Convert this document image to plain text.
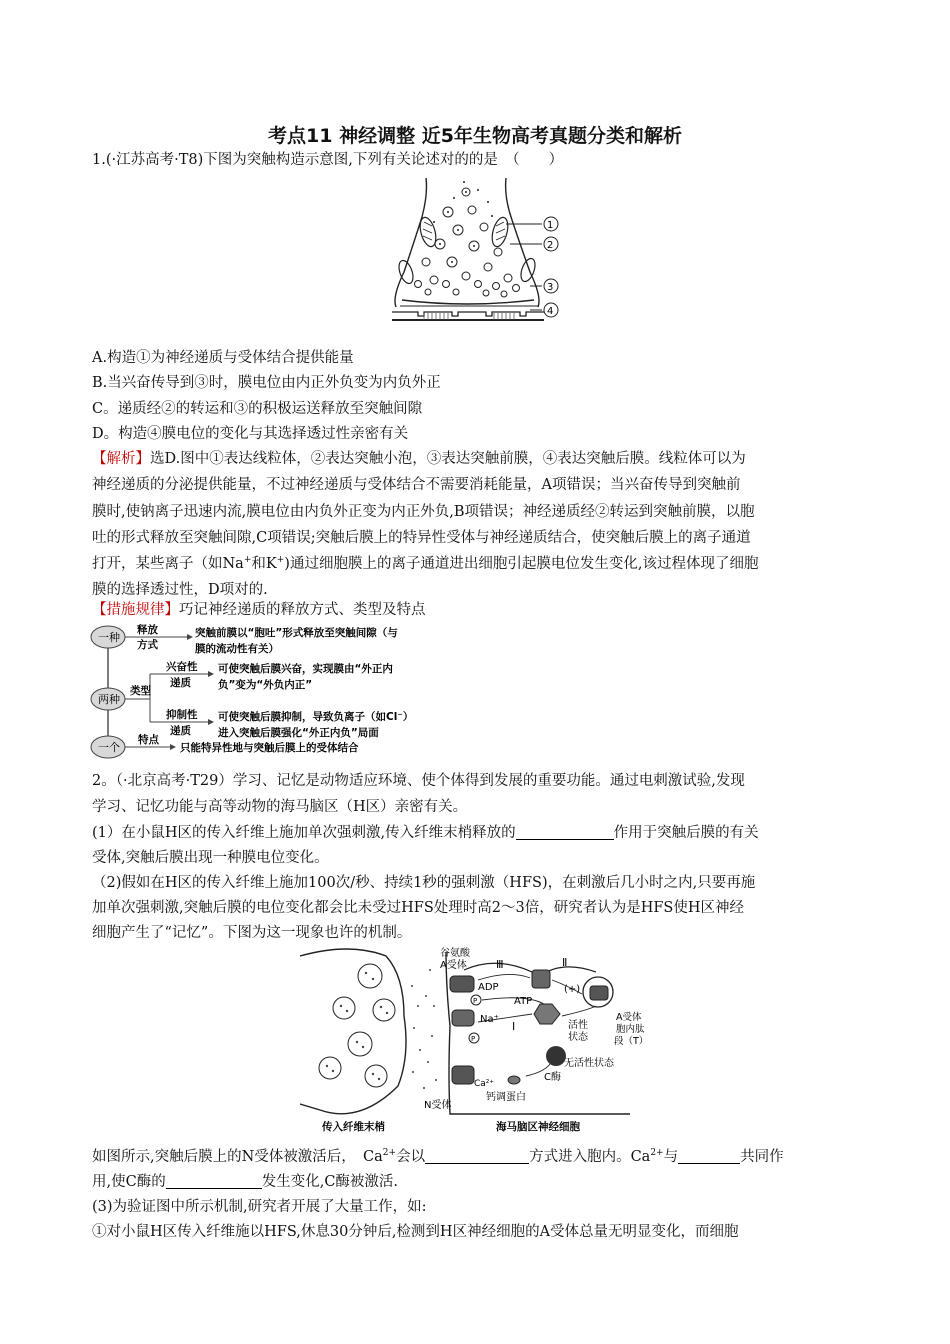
考点11 神经调整 近5年生物高考真题分类和解析
1.(·江苏高考·T8)下图为突触构造示意图,下列有关论述对的的是　（　　）
1
2
3
4
A.构造①为神经递质与受体结合提供能量
B.当兴奋传导到③时，膜电位由内正外负变为内负外正
C。递质经②的转运和③的积极运送释放至突触间隙
D。构造④膜电位的变化与其选择透过性亲密有关
【解析】选D.图中①表达线粒体，②表达突触小泡，③表达突触前膜，④表达突触后膜。线粒体可以为
神经递质的分泌提供能量，不过神经递质与受体结合不需要消耗能量，A项错误；当兴奋传导到突触前
膜时,使钠离子迅速内流,膜电位由内负外正变为内正外负,B项错误；神经递质经②转运到突触前膜，以胞
吐的形式释放至突触间隙,C项错误;突触后膜上的特异性受体与神经递质结合，使突触后膜上的离子通道
打开，某些离子（如Na+和K+)通过细胞膜上的离子通道进出细胞引起膜电位发生变化,该过程体现了细胞
膜的选择透过性，D项对的.
【措施规律】巧记神经递质的释放方式、类型及特点
一种
两种
一个
释放
方式
突触前膜以“胞吐”形式释放至突触间隙（与
膜的流动性有关）
类型
兴奋性
递质
可使突触后膜兴奋，实现膜由“外正内
负”变为“外负内正”
抑制性
递质
可使突触后膜抑制，导致负离子（如Cl⁻）
进入突触后膜强化“外正内负”局面
特点
只能特异性地与突触后膜上的受体结合
2。（·北京高考·T29）学习、记忆是动物适应环境、使个体得到发展的重要功能。通过电刺激试验,发现
学习、记忆功能与高等动物的海马脑区（H区）亲密有关。
(1）在小鼠H区的传入纤维上施加单次强刺激,传入纤维末梢释放的	作用于突触后膜的有关
受体,突触后膜出现一种膜电位变化。
（2)假如在H区的传入纤维上施加100次/秒、持续1秒的强刺激（HFS)，在刺激后几小时之内,只要再施
加单次强刺激,突触后膜的电位变化都会比未受过HFS处理时高2～3倍，研究者认为是HFS使H区神经
细胞产生了“记忆”。下图为这一现象也许的机制。
谷氨酸
A受体	Ⅲ	Ⅱ
Ⅰ
ADP
ATP
(+)
P
P
Na⁺
Ca²⁺
活性
状态
无活性状态
钙调蛋白
C酶
N受体
A受体
胞内肽
段（T）
传入纤维末梢	海马脑区神经细胞
如图所示,突触后膜上的N受体被激活后，　$Ca^{2+}$会以	方式进入胞内。$Ca^{2+}$与	共同作
用,使C酶的	发生变化,C酶被激活.
(3)为验证图中所示机制,研究者开展了大量工作，如:
①对小鼠H区传入纤维施以HFS,休息30分钟后,检测到H区神经细胞的A受体总量无明显变化，而细胞
